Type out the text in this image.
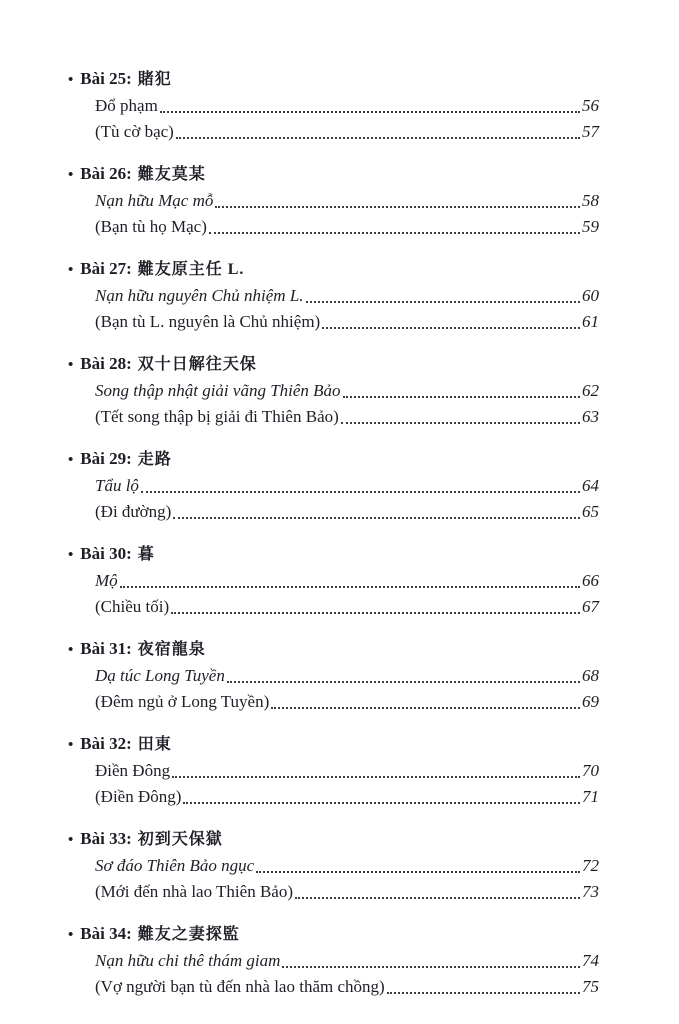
• Bài 25: 賭犯
Đổ phạm	56
(Tù cờ bạc)	57
• Bài 26: 難友莫某
Nạn hữu Mạc mỗ	58
(Bạn tù họ Mạc)	59
• Bài 27: 難友原主任 L.
Nạn hữu nguyên Chủ nhiệm L.	60
(Bạn tù L. nguyên là Chủ nhiệm)	61
• Bài 28: 双十日解往天保
Song thập nhật giải vãng Thiên Bảo	62
(Tết song thập bị giải đi Thiên Bảo)	63
• Bài 29: 走路
Tẩu lộ	64
(Đi đường)	65
• Bài 30: 暮
Mộ	66
(Chiều tối)	67
• Bài 31: 夜宿龍泉
Dạ túc Long Tuyền	68
(Đêm ngủ ở Long Tuyền)	69
• Bài 32: 田東
Điền Đông	70
(Điền Đông)	71
• Bài 33: 初到天保獄
Sơ đáo Thiên Bảo ngục	72
(Mới đến nhà lao Thiên Bảo)	73
• Bài 34: 難友之妻探監
Nạn hữu chi thê thám giam	74
(Vợ người bạn tù đến nhà lao thăm chồng)	75
